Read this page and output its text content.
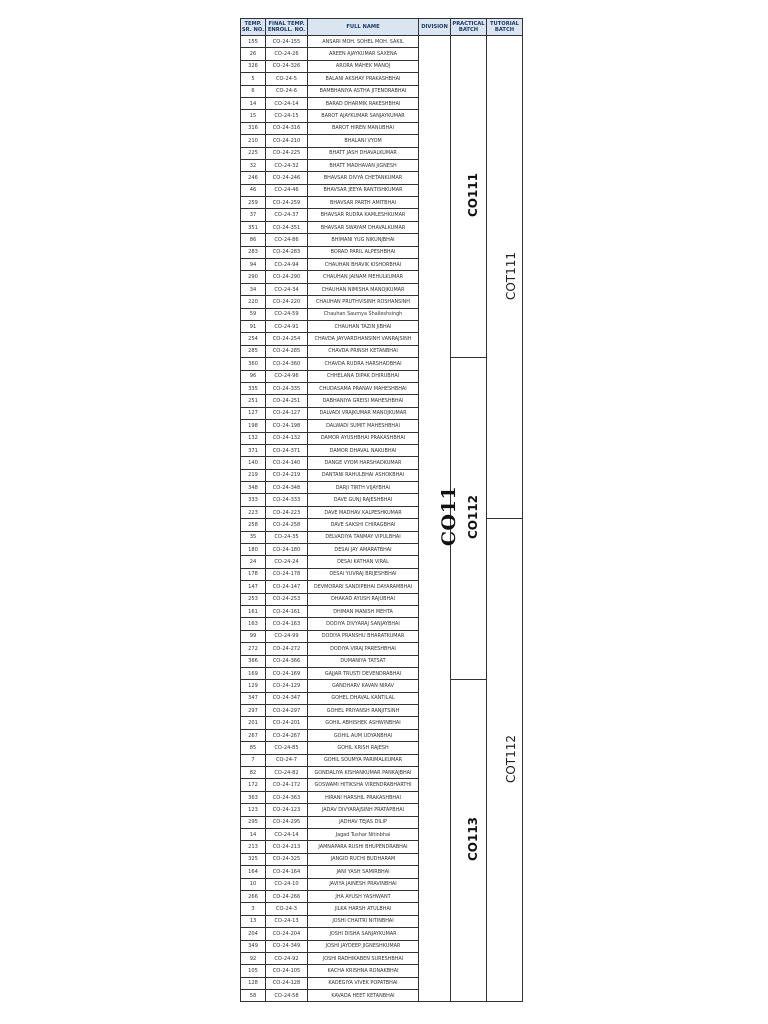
TEMP. SR. NO.	FINAL TEMP. ENROLL. NO.	FULL NAME	DIVISION	PRACTICAL BATCH	TUTORIAL BATCH
155	CO-24-155	ANSARI MOH. SOHEL MOH. SAKIL	CO11	CO111	COT111
26	CO-24-26	AREEN AJAYKUMAR SAXENA			
326	CO-24-326	ARORA MAHEK MANOJ			
5	CO-24-5	BALANI AKSHAY PRAKASHBHAI			
6	CO-24-6	BAMBHANIYA ASTHA JITENDRABHAI			
14	CO-24-14	BARAD DHARMIK RAKESHBHAI			
15	CO-24-15	BAROT AJAYKUMAR SANJAYKUMAR			
316	CO-24-316	BAROT HIREN MANUBHAI			
210	CO-24-210	BHALANI VYOM			
225	CO-24-225	BHATT JASH DHAVALKUMAR			
32	CO-24-32	BHATT MADHAVAN JIGNESH			
246	CO-24-246	BHAVSAR DIVYA CHETANKUMAR			
46	CO-24-46	BHAVSAR JEEYA RANTISHKUMAR			
259	CO-24-259	BHAVSAR PARTH AMITBHAI			
37	CO-24-37	BHAVSAR RUDRA KAMLESHKUMAR			
351	CO-24-351	BHAVSAR SWAYAM DHAVALKUMAR			
86	CO-24-86	BHIMANI YUG NIKUNJBHAI			
283	CO-24-283	BORAD PARIL ALPESHBHAI			
94	CO-24-94	CHAUHAN BHAVIK KISHORBHAI			
290	CO-24-290	CHAUHAN JAINAM MEHULKUMAR			
34	CO-24-34	CHAUHAN NIMISHA MANOJKUMAR			
220	CO-24-220	CHAUHAN PRUTHVISINH ROSHANSINH			
59	CO-24-59	Chauhan Saumya Shaileshsingh			
91	CO-24-91	CHAUHAN TAZIN JIBHAI			
254	CO-24-254	CHAVDA JAYVARDHANSINH VANRAJSINH			
285	CO-24-285	CHAVDA PRINSH KETANBHAI			
360	CO-24-360	CHAVDA RUDRA HARSHADBHAI		CO112	
96	CO-24-96	CHHELANA DIPAK DHIRUBHAI			
335	CO-24-335	CHUDASAMA PRANAV MAHESHBHAI			
251	CO-24-251	DABHANIYA GREISI MAHESHBHAI			
127	CO-24-127	DALVADI VRAJKUMAR MANOJKUMAR			
198	CO-24-198	DALWADI SUMIT MAHESHBHAI			
132	CO-24-132	DAMOR AYUSHBHAI PRAKASHBHAI			
371	CO-24-371	DAMOR DHAVAL NAKUBHAI			
140	CO-24-140	DANGE VYOM HARSHADKUMAR			
219	CO-24-219	DANTANI RAHULBHAI ASHOKBHAI			
348	CO-24-348	DARJI TIRTH VIJAYBHAI			
333	CO-24-333	DAVE GUNJ RAJESHBHAI			
223	CO-24-223	DAVE MADHAV KALPESHKUMAR			
258	CO-24-258	DAVE SAKSHI CHIRAGBHAI			COT112
35	CO-24-35	DELVADIYA TANMAY VIPULBHAI			
180	CO-24-180	DESAI JAY AMARATBHAI			
24	CO-24-24	DESAI KATHAN VIRAL			
178	CO-24-178	DESAI YUVRAJ BRIJESHBHAI			
147	CO-24-147	DEVMORARI SANDIPBHAI DAYARAMBHAI			
253	CO-24-253	DHAKAD AYUSH RAJUBHAI			
161	CO-24-161	DHIMAN MANISH MEHTA			
163	CO-24-163	DODIYA DIVYARAJ SANJAYBHAI			
99	CO-24-99	DODIYA PRANSHU BHARATKUMAR			
272	CO-24-272	DODIYA VIRAJ PARESHBHAI			
366	CO-24-366	DUMANIYA TATSAT			
169	CO-24-169	GAJJAR TRUSTI DEVENDRABHAI			
129	CO-24-129	GANDHARV KAVAN NIRAV		CO113	
347	CO-24-347	GOHEL DHAVAL KANTILAL			
297	CO-24-297	GOHEL PRIYANSH RANJITSINH			
201	CO-24-201	GOHIL ABHISHEK ASHWINBHAI			
267	CO-24-267	GOHIL AUM UDYANBHAI			
85	CO-24-85	GOHIL KRISH RAJESH			
7	CO-24-7	GOHIL SOUMYA PARIMALKUMAR			
82	CO-24-82	GONDALIYA KISHANKUMAR PANKAJBHAI			
172	CO-24-172	GOSWAMI HITIKSHA VIRENDRABHARTHI			
363	CO-24-363	HIRANI HARSHIL PRAKASHBHAI			
123	CO-24-123	JADAV DIVYARAJSINH PRATAPBHAI			
295	CO-24-295	JADHAV TEJAS DILIP			
14	CO-24-14	Jagad Tushar Nitinbhai			
213	CO-24-213	JAMNAPARA RUSHI BHUPENDRABHAI			
325	CO-24-325	JANGID RUCHI BUDHARAM			
164	CO-24-164	JANI YASH SAMIRBHAI			
10	CO-24-10	JAVIYA JAINESH PRAVINBHAI			
266	CO-24-266	JHA AYUSH YASHWANT			
3	CO-24-3	JILKA HARSH ATULBHAI			
13	CO-24-13	JOSHI CHAITRI NITINBHAI			
204	CO-24-204	JOSHI DISHA SANJAYKUMAR			
349	CO-24-349	JOSHI JAYDEEP JIGNESHKUMAR			
92	CO-24-92	JOSHI RADHIKABEN SURESHBHAI			
105	CO-24-105	KACHA KRISHNA RONAKBHAI			
128	CO-24-128	KADEGIYA VIVEK POPATBHAI			
58	CO-24-58	KAVADA HEET KETANBHAI			
